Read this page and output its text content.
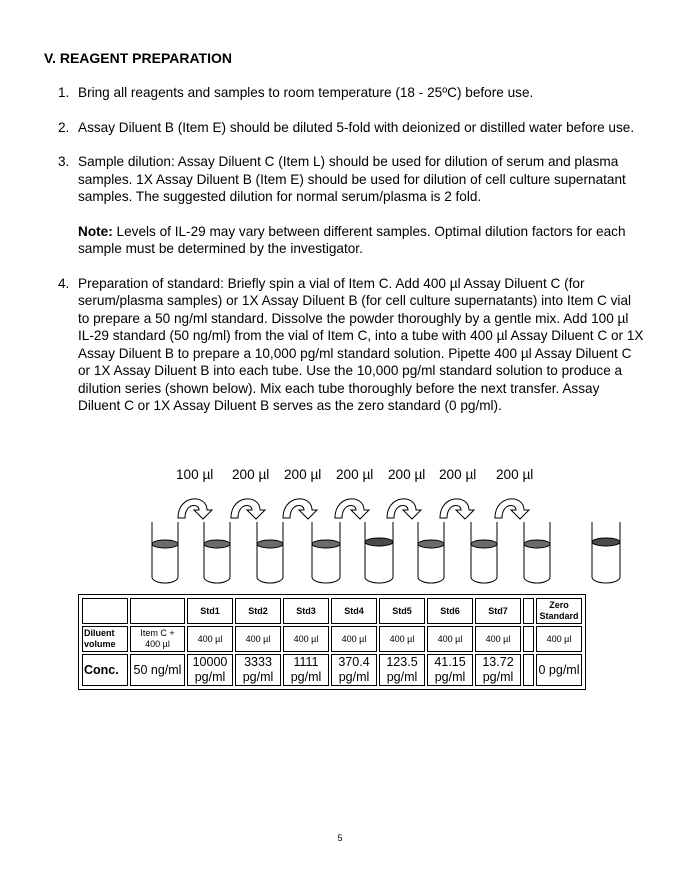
V. REAGENT PREPARATION
1. Bring all reagents and samples to room temperature (18 - 25ºC) before use.

2. Assay Diluent B (Item E) should be diluted 5-fold with deionized or distilled water before use.

3. Sample dilution: Assay Diluent C (Item L) should be used for dilution of serum and plasma samples. 1X Assay Diluent B (Item E) should be used for dilution of cell culture supernatant samples. The suggested dilution for normal serum/plasma is 2 fold.

Note: Levels of IL-29 may vary between different samples. Optimal dilution factors for each sample must be determined by the investigator.

4. Preparation of standard: Briefly spin a vial of Item C. Add 400 µl Assay Diluent C (for serum/plasma samples) or 1X Assay Diluent B (for cell culture supernatants) into Item C vial to prepare a 50 ng/ml standard. Dissolve the powder thoroughly by a gentle mix. Add 100 µl IL-29 standard (50 ng/ml) from the vial of Item C, into a tube with 400 µl Assay Diluent C or 1X Assay Diluent B to prepare a 10,000 pg/ml standard solution. Pipette 400 µl Assay Diluent C or 1X Assay Diluent B into each tube. Use the 10,000 pg/ml standard solution to produce a dilution series (shown below). Mix each tube thoroughly before the next transfer. Assay Diluent C or 1X Assay Diluent B serves as the zero standard (0 pg/ml).

100 µl 200 µl 200 µl 200 µl 200 µl 200 µl 200 µl
		Std1	Std2	Std3	Std4	Std5	Std6	Std7		Zero Standard
Diluent volume	Item C + 400 µl	400 µl	400 µl	400 µl	400 µl	400 µl	400 µl	400 µl		400 µl
Conc.	50 ng/ml	10000 pg/ml	3333 pg/ml	1111 pg/ml	370.4 pg/ml	123.5 pg/ml	41.15 pg/ml	13.72 pg/ml		0 pg/ml
5
